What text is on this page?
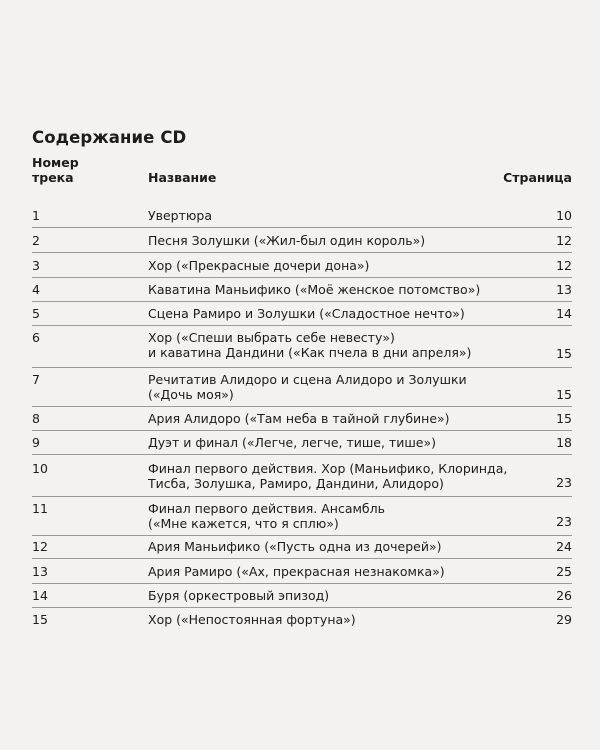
Содержание CD
Номер
трека	Название	Страница
1	Увертюра	10
2	Песня Золушки («Жил-был один король»)	12
3	Хор («Прекрасные дочери дона»)	12
4	Каватина Маньифико («Моё женское потомство»)	13
5	Сцена Рамиро и Золушки («Сладостное нечто»)	14
6	Хор («Спеши выбрать себе невесту»)
и каватина Дандини («Как пчела в дни апреля»)	15
7	Речитатив Алидоро и сцена Алидоро и Золушки
(«Дочь моя»)	15
8	Ария Алидоро («Там неба в тайной глубине»)	15
9	Дуэт и финал («Легче, легче, тише, тише»)	18
10	Финал первого действия. Хор (Маньифико, Клоринда,
Тисба, Золушка, Рамиро, Дандини, Алидоро)	23
11	Финал первого действия. Ансамбль
(«Мне кажется, что я сплю»)	23
12	Ария Маньифико («Пусть одна из дочерей»)	24
13	Ария Рамиро («Ах, прекрасная незнакомка»)	25
14	Буря (оркестровый эпизод)	26
15	Хор («Непостоянная фортуна»)	29
